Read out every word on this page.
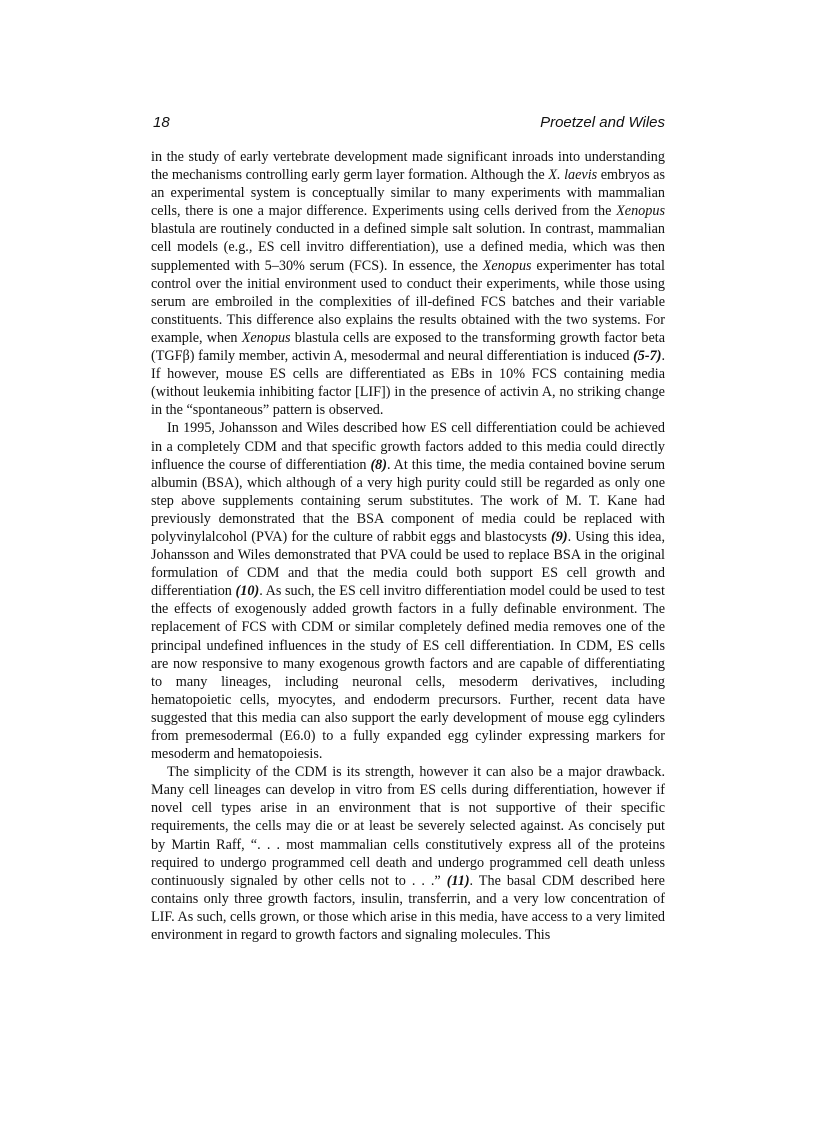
18	Proetzel and Wiles

in the study of early vertebrate development made significant inroads into understanding the mechanisms controlling early germ layer formation. Although the X. laevis embryos as an experimental system is conceptually similar to many experiments with mammalian cells, there is one a major difference. Experiments using cells derived from the Xenopus blastula are routinely conducted in a defined simple salt solution. In contrast, mammalian cell models (e.g., ES cell invitro differentiation), use a defined media, which was then supplemented with 5–30% serum (FCS). In essence, the Xenopus experimenter has total control over the initial environment used to conduct their experiments, while those using serum are embroiled in the complexities of ill-defined FCS batches and their variable constituents. This difference also explains the results obtained with the two systems. For example, when Xenopus blastula cells are exposed to the transforming growth factor beta (TGFβ) family member, activin A, mesodermal and neural differentiation is induced (5-7). If however, mouse ES cells are differentiated as EBs in 10% FCS containing media (without leukemia inhibiting factor [LIF]) in the presence of activin A, no striking change in the “spontaneous” pattern is observed.

In 1995, Johansson and Wiles described how ES cell differentiation could be achieved in a completely CDM and that specific growth factors added to this media could directly influence the course of differentiation (8). At this time, the media contained bovine serum albumin (BSA), which although of a very high purity could still be regarded as only one step above supplements containing serum substitutes. The work of M. T. Kane had previously demonstrated that the BSA component of media could be replaced with polyvinylalcohol (PVA) for the culture of rabbit eggs and blastocysts (9). Using this idea, Johansson and Wiles demonstrated that PVA could be used to replace BSA in the original formulation of CDM and that the media could both support ES cell growth and differentiation (10). As such, the ES cell invitro differentiation model could be used to test the effects of exogenously added growth factors in a fully definable environment. The replacement of FCS with CDM or similar completely defined media removes one of the principal undefined influences in the study of ES cell differentiation. In CDM, ES cells are now responsive to many exogenous growth factors and are capable of differentiating to many lineages, including neuronal cells, mesoderm derivatives, including hematopoietic cells, myocytes, and endoderm precursors. Further, recent data have suggested that this media can also support the early development of mouse egg cylinders from premesodermal (E6.0) to a fully expanded egg cylinder expressing markers for mesoderm and hematopoiesis.

The simplicity of the CDM is its strength, however it can also be a major drawback. Many cell lineages can develop in vitro from ES cells during differentiation, however if novel cell types arise in an environment that is not supportive of their specific requirements, the cells may die or at least be severely selected against. As concisely put by Martin Raff, “. . . most mammalian cells constitutively express all of the proteins required to undergo programmed cell death and undergo programmed cell death unless continuously signaled by other cells not to . . .” (11). The basal CDM described here contains only three growth factors, insulin, transferrin, and a very low concentration of LIF. As such, cells grown, or those which arise in this media, have access to a very limited environment in regard to growth factors and signaling molecules. This
